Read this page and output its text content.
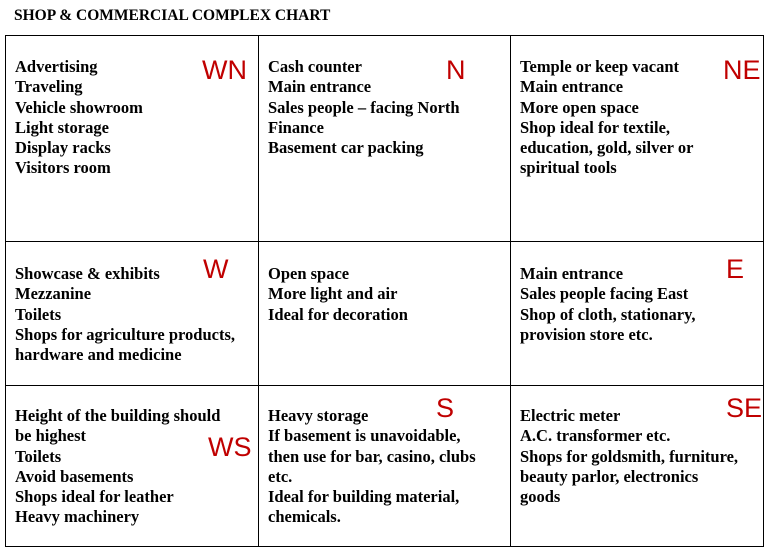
SHOP & COMMERCIAL COMPLEX CHART
Advertising
Traveling
Vehicle showroom
Light storage
Display racks
Visitors room
WN Cash counter
Main entrance
Sales people – facing North
Finance
Basement car packing
N	Temple or keep vacant
Main entrance
More open space
Shop ideal for textile,
education, gold, silver or
spiritual tools
NE
Showcase & exhibits
Mezzanine
Toilets
Shops for agriculture products,
hardware and medicine
W Open space
More light and air
Ideal for decoration
Main entrance
Sales people facing East
Shop of cloth, stationary,
provision store etc.
E
Height of the building should
be highest
Toilets
Avoid basements
Shops ideal for leather
Heavy machinery
WS
Heavy storage
If basement is unavoidable,
then use for bar, casino, clubs
etc.
Ideal for building material,
chemicals.
S	Electric meter
A.C. transformer etc.
Shops for goldsmith, furniture,
beauty parlor, electronics
goods
SE
